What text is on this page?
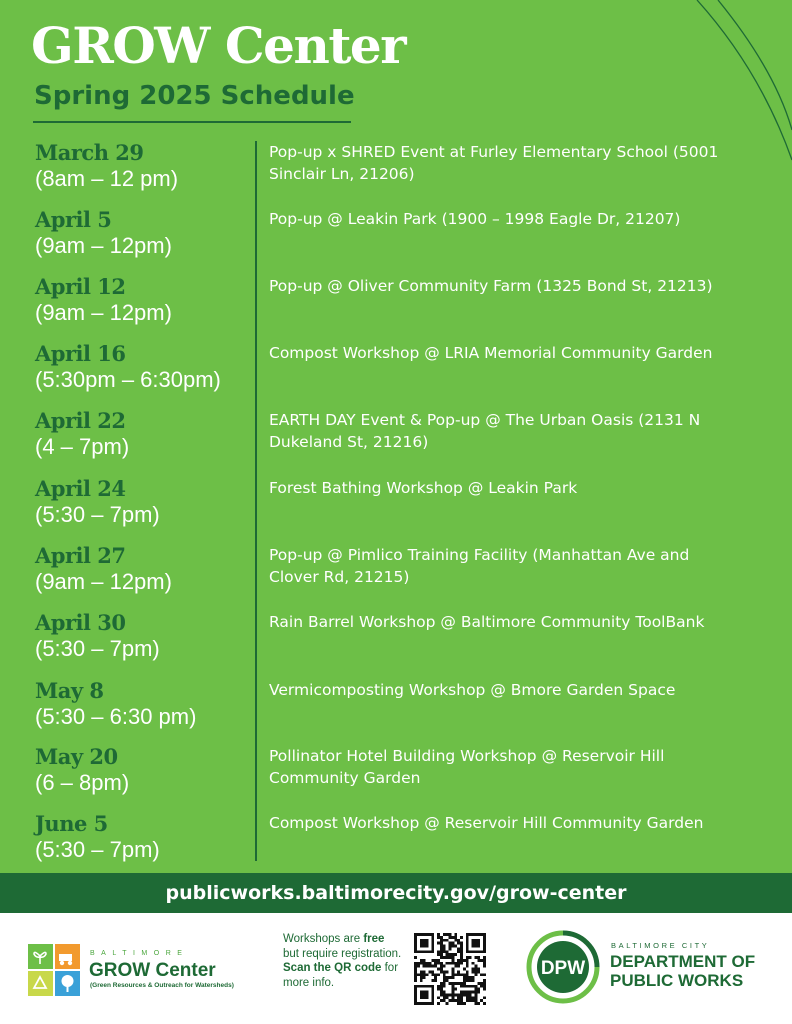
GROW Center
Spring 2025 Schedule
March 29
(8am – 12 pm)
Pop-up x SHRED Event at Furley Elementary School (5001 Sinclair Ln, 21206)
April 5
(9am – 12pm)
Pop-up @ Leakin Park (1900 – 1998 Eagle Dr, 21207)
April 12
(9am – 12pm)
Pop-up @ Oliver Community Farm (1325 Bond St, 21213)
April 16
(5:30pm – 6:30pm)
Compost Workshop @ LRIA Memorial Community Garden
April 22
(4 – 7pm)
EARTH DAY Event & Pop-up @ The Urban Oasis (2131 N Dukeland St, 21216)
April 24
(5:30 – 7pm)
Forest Bathing Workshop @ Leakin Park
April 27
(9am – 12pm)
Pop-up @ Pimlico Training Facility (Manhattan Ave and Clover Rd, 21215)
April 30
(5:30 – 7pm)
Rain Barrel Workshop @ Baltimore Community ToolBank
May 8
(5:30 – 6:30 pm)
Vermicomposting Workshop @ Bmore Garden Space
May 20
(6 – 8pm)
Pollinator Hotel Building Workshop @ Reservoir Hill Community Garden
June 5
(5:30 – 7pm)
Compost Workshop @ Reservoir Hill Community Garden
publicworks.baltimorecity.gov/grow-center
BALTIMORE
GROW Center
(Green Resources & Outreach for Watersheds)
Workshops are free but require registration. Scan the QR code for more info.
DPW
BALTIMORE CITY
DEPARTMENT OF
PUBLIC WORKS
